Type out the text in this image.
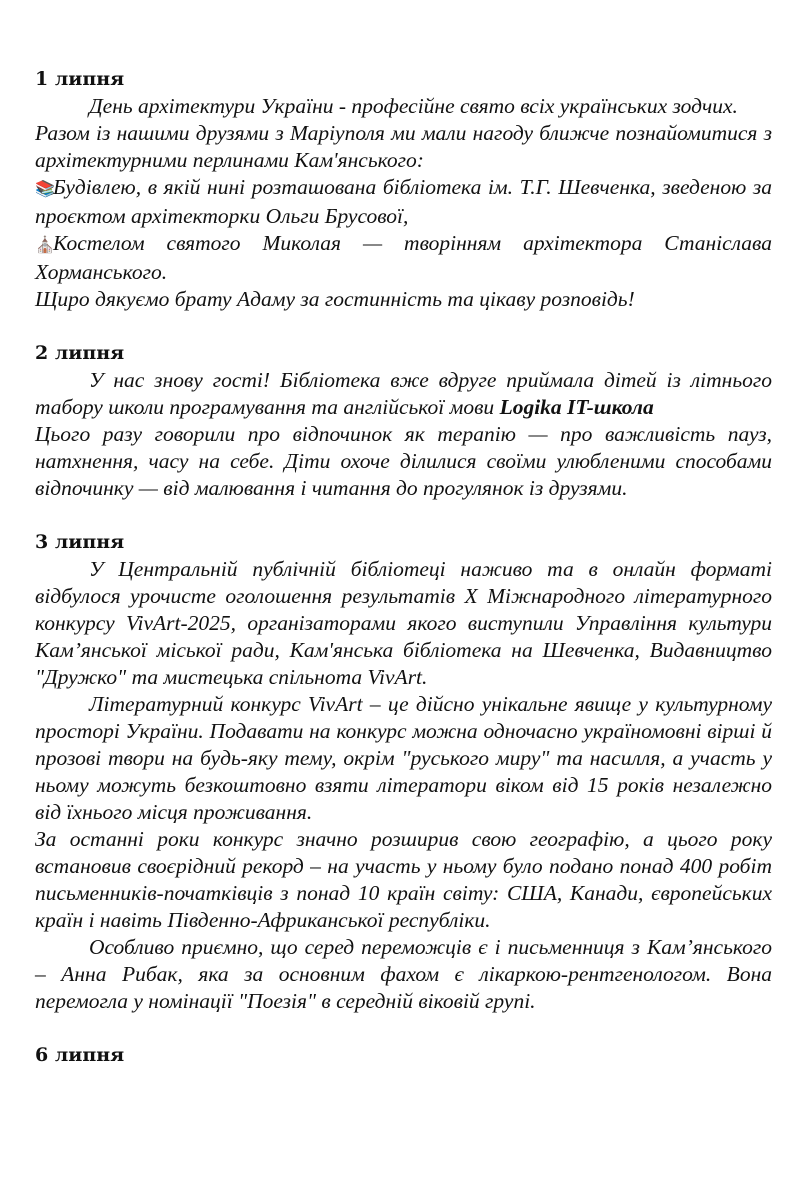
1 липня

День архітектури України - професійне свято всіх українських зодчих.

Разом із нашими друзями з Маріуполя ми мали нагоду ближче познайомитися з архітектурними перлинами Кам'янського:

📚Будівлею, в якій нині розташована бібліотека ім. Т.Г. Шевченка, зведеною за проєктом архітекторки Ольги Брусової,

⛪Костелом святого Миколая — творінням архітектора Станіслава Хорманського.

Щиро дякуємо брату Адаму за гостинність та цікаву розповідь!

2 липня

У нас знову гості! Бібліотека вже вдруге приймала дітей із літнього табору школи програмування та англійської мови Logika IT-школа

Цього разу говорили про відпочинок як терапію — про важливість пауз, натхнення, часу на себе. Діти охоче ділилися своїми улюбленими способами відпочинку — від малювання і читання до прогулянок із друзями.

3 липня

У Центральній публічній бібліотеці наживо та в онлайн форматі відбулося урочисте оголошення результатів X Міжнародного літературного конкурсу VivArt-2025, організаторами якого виступили Управління культури Кам’янської міської ради, Кам'янська бібліотека на Шевченка, Видавництво "Дружко" та мистецька спільнота VivArt.

Літературний конкурс VivArt – це дійсно унікальне явище у культурному просторі України. Подавати на конкурс можна одночасно україномовні вірші й прозові твори на будь-яку тему, окрім "руського миру" та насилля, а участь у ньому можуть безкоштовно взяти літератори віком від 15 років незалежно від їхнього місця проживання.

За останні роки конкурс значно розширив свою географію, а цього року встановив своєрідний рекорд – на участь у ньому було подано понад 400 робіт письменників-початківців з понад 10 країн світу: США, Канади, європейських країн і навіть Південно-Африканської республіки.

Особливо приємно, що серед переможців є і письменниця з Кам’янського – Анна Рибак, яка за основним фахом є лікаркою-рентгенологом. Вона перемогла у номінації "Поезія" в середній віковій групі.

6 липня
